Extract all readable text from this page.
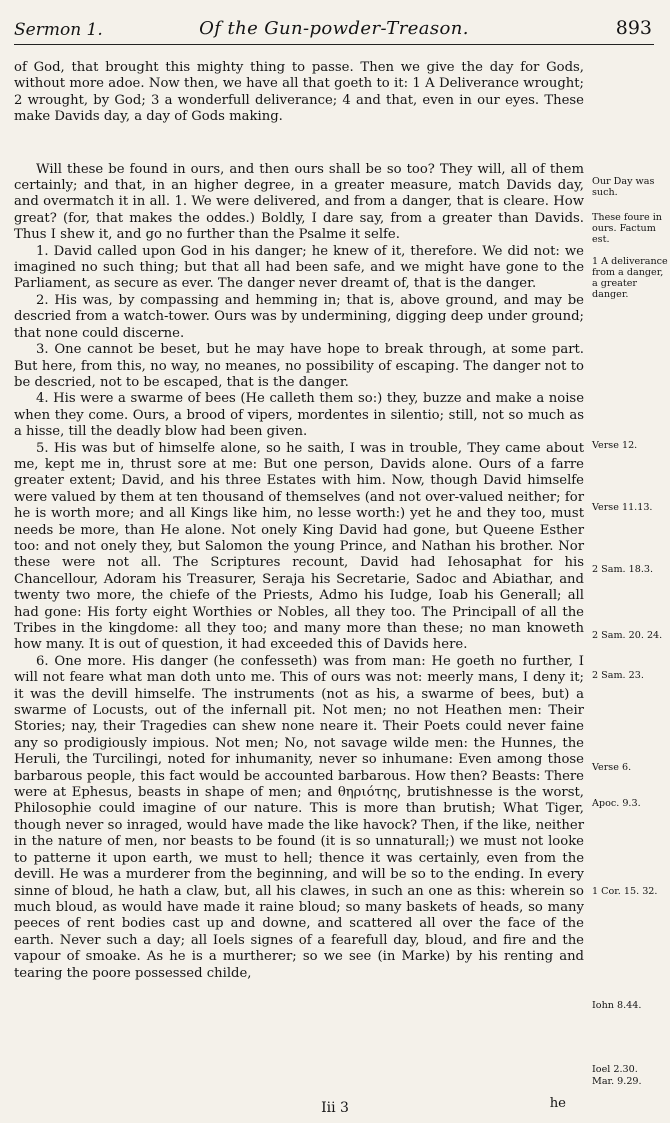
Sermon 1.	Of the Gun-powder-Treason.	893

of God, that brought this mighty thing to passe. Then we give the day for Gods, without more adoe. Now then, we have all that goeth to it: 1 A Deliverance wrought; 2 wrought, by God; 3 a wonderfull deliverance; 4 and that, even in our eyes. These make Davids day, a day of Gods making.

Will these be found in ours, and then ours shall be so too? They will, all of them certainly; and that, in an higher degree, in a greater measure, match Davids day, and overmatch it in all. 1. We were delivered, and from a danger, that is cleare. How great? (for, that makes the oddes.) Boldly, I dare say, from a greater than Davids. Thus I shew it, and go no further than the Psalme it selfe.

1. David called upon God in his danger; he knew of it, therefore. We did not: we imagined no such thing; but that all had been safe, and we might have gone to the Parliament, as secure as ever. The danger never dreamt of, that is the danger.

2. His was, by compassing and hemming in; that is, above ground, and may be descried from a watch-tower. Ours was by undermining, digging deep under ground; that none could discerne.

3. One cannot be beset, but he may have hope to break through, at some part. But here, from this, no way, no meanes, no possibility of escaping. The danger not to be descried, not to be escaped, that is the danger.

4. His were a swarme of bees (He calleth them so:) they, buzze and make a noise when they come. Ours, a brood of vipers, mordentes in silentio; still, not so much as a hisse, till the deadly blow had been given.

5. His was but of himselfe alone, so he saith, I was in trouble, They came about me, kept me in, thrust sore at me: But one person, Davids alone. Ours of a farre greater extent; David, and his three Estates with him. Now, though David himselfe were valued by them at ten thousand of themselves (and not over-valued neither; for he is worth more; and all Kings like him, no lesse worth:) yet he and they too, must needs be more, than He alone. Not onely King David had gone, but Queene Esther too: and not onely they, but Salomon the young Prince, and Nathan his brother. Nor these were not all. The Scriptures recount, David had Iehosaphat for his Chancellour, Adoram his Treasurer, Seraja his Secretarie, Sadoc and Abiathar, and twenty two more, the chiefe of the Priests, Admo his Iudge, Ioab his Generall; all had gone: His forty eight Worthies or Nobles, all they too. The Principall of all the Tribes in the kingdome: all they too; and many more than these; no man knoweth how many. It is out of question, it had exceeded this of Davids here.

6. One more. His danger (he confesseth) was from man: He goeth no further, I will not feare what man doth unto me. This of ours was not: meerly mans, I deny it; it was the devill himselfe. The instruments (not as his, a swarme of bees, but) a swarme of Locusts, out of the infernall pit. Not men; no not Heathen men: Their Stories; nay, their Tragedies can shew none neare it. Their Poets could never faine any so prodigiously impious. Not men; No, not savage wilde men: the Hunnes, the Heruli, the Turcilingi, noted for inhumanity, never so inhumane: Even among those barbarous people, this fact would be accounted barbarous. How then? Beasts: There were at Ephesus, beasts in shape of men; and θηριότης, brutishnesse is the worst, Philosophie could imagine of our nature. This is more than brutish; What Tiger, though never so inraged, would have made the like havock? Then, if the like, neither in the nature of men, nor beasts to be found (it is so unnaturall;) we must not looke to patterne it upon earth, we must to hell; thence it was certainly, even from the devill. He was a murderer from the beginning, and will be so to the ending. In every sinne of bloud, he hath a claw, but, all his clawes, in such an one as this: wherein so much bloud, as would have made it raine bloud; so many baskets of heads, so many peeces of rent bodies cast up and downe, and scattered all over the face of the earth. Never such a day; all Ioels signes of a fearefull day, bloud, and fire and the vapour of smoake. As he is a murtherer; so we see (in Marke) by his renting and tearing the poore possessed childe,

Our Day was such.
These foure in ours. Factum est.
1 A deliverance from a danger, a greater danger.
Verse 12.
Verse 11.13.
2 Sam. 18.3.
2 Sam. 20. 24.
2 Sam. 23.
Verse 6.
Apoc. 9.3.
1 Cor. 15. 32.
Iohn 8.44.
Ioel 2.30.
Mar. 9.29.
Iii 3	he
